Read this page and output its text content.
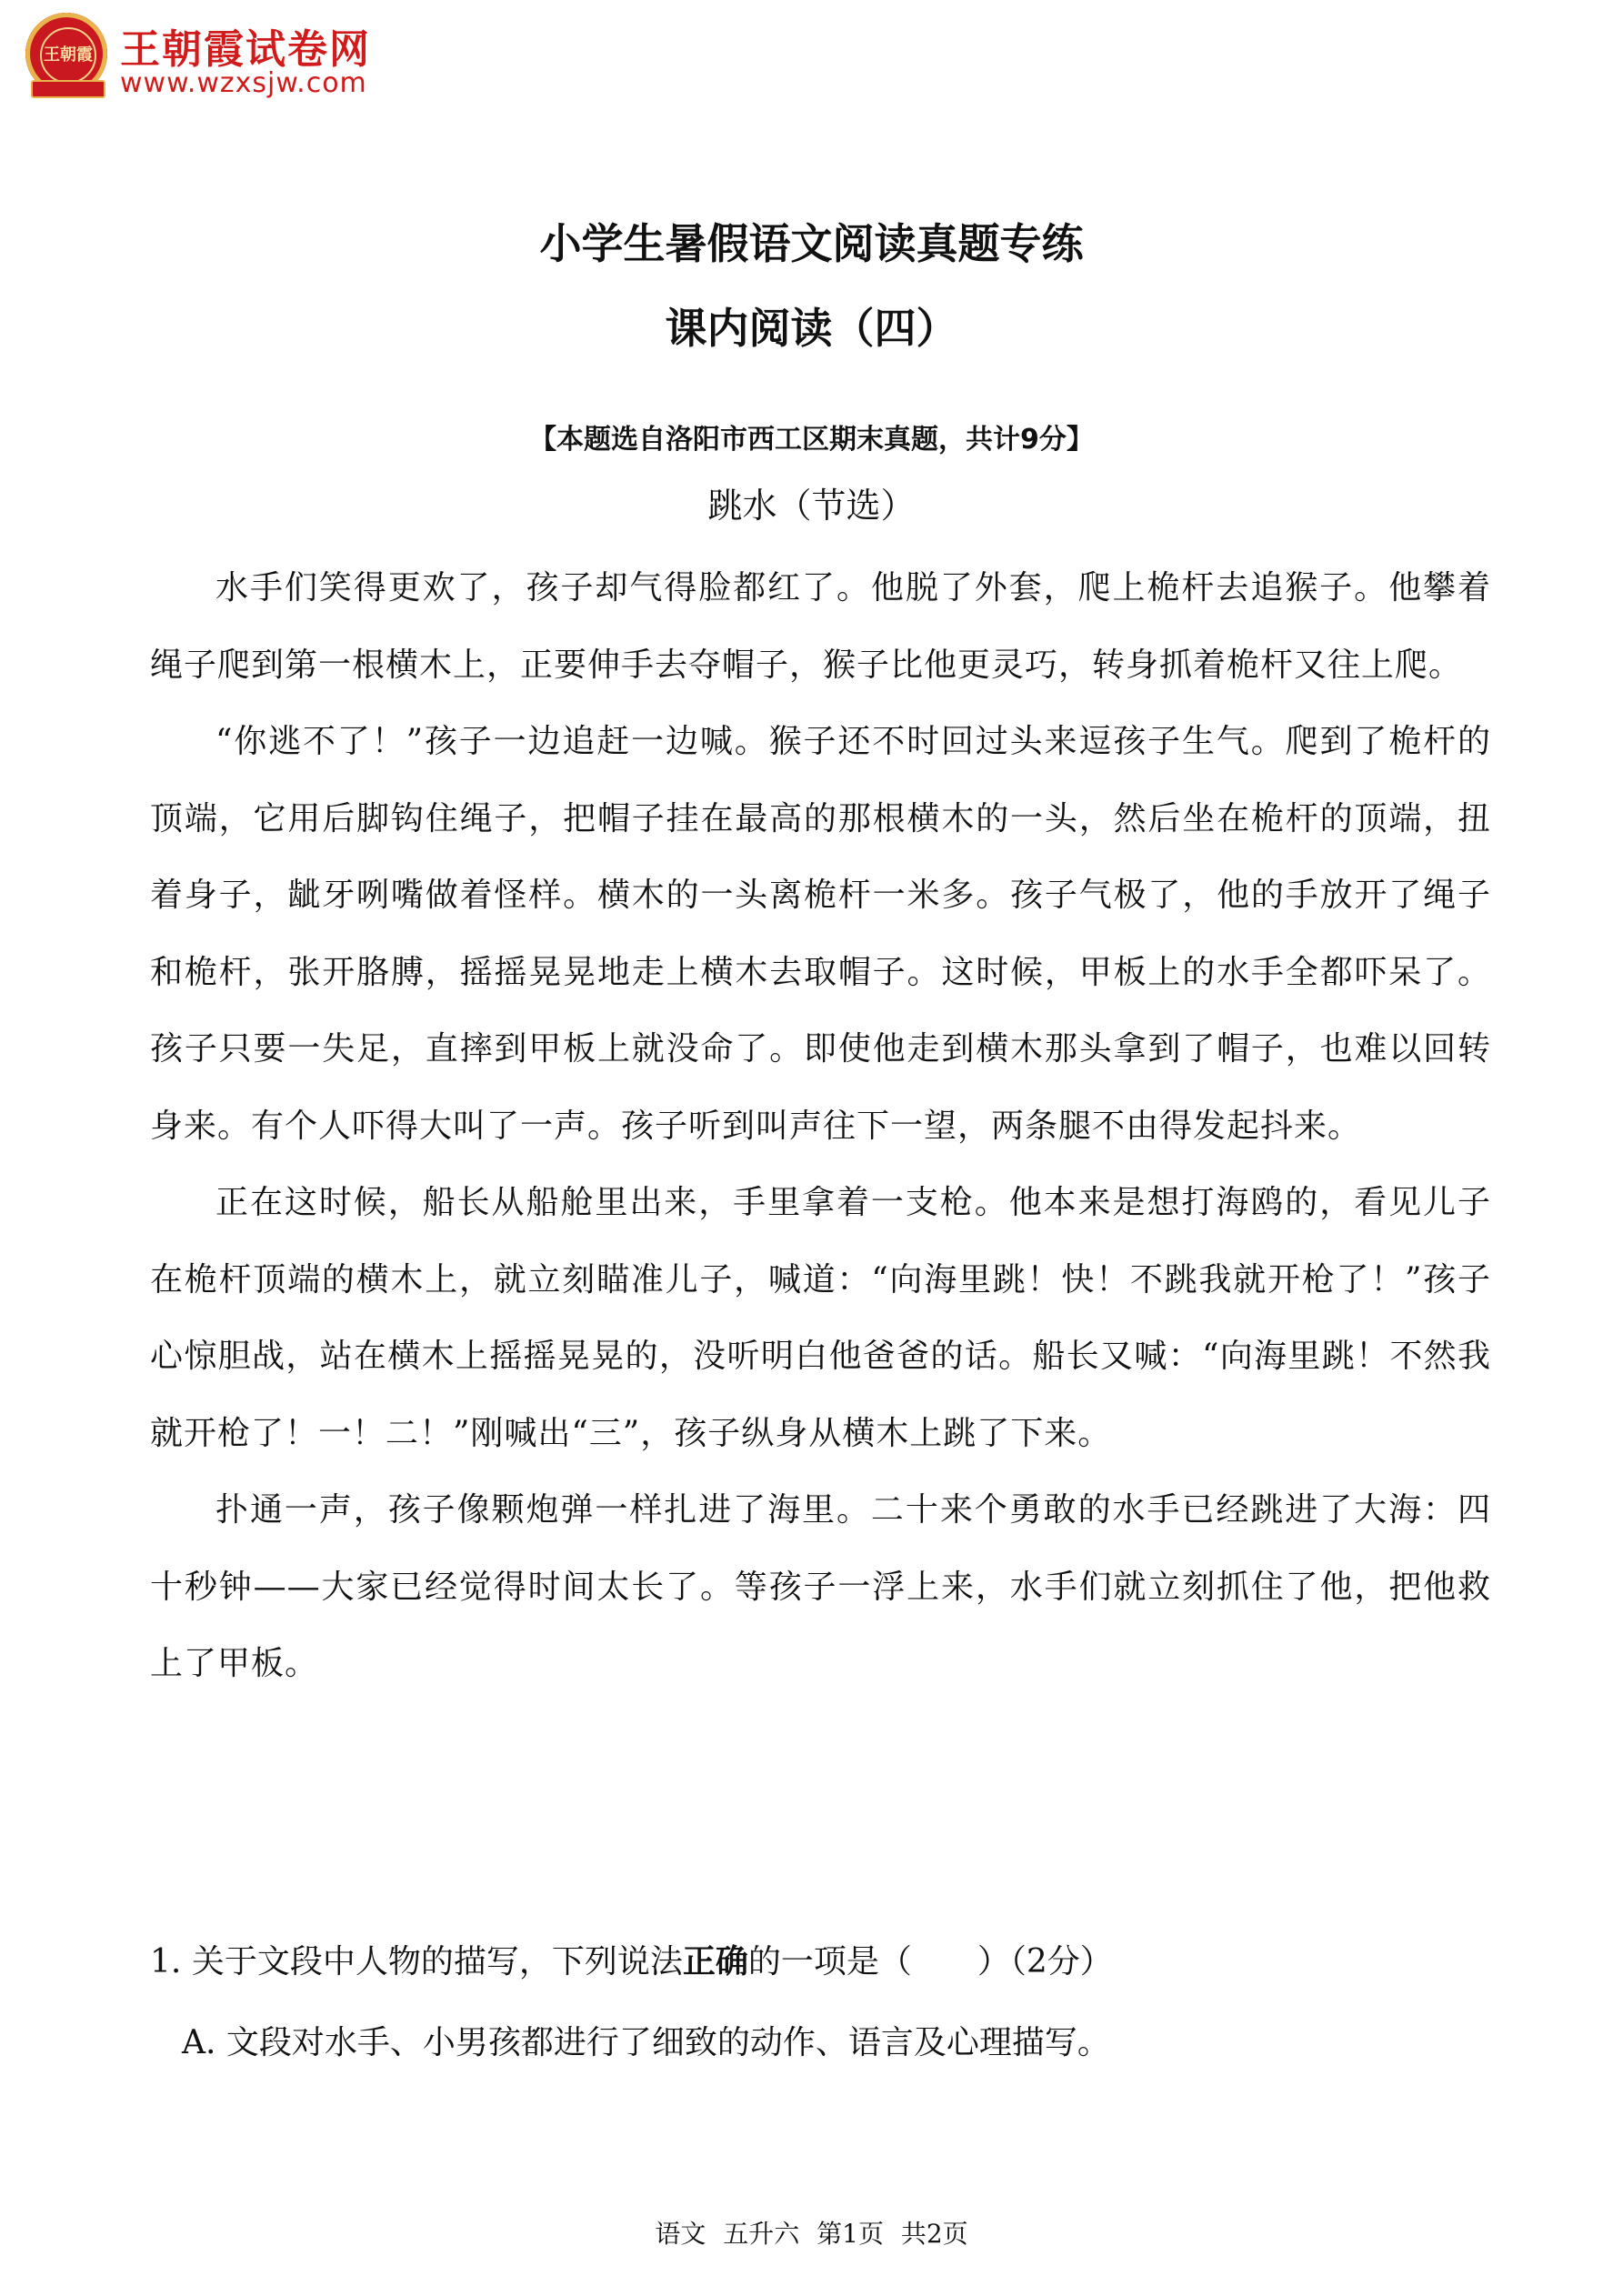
王朝霞 王朝霞试卷网
www.wzxsjw.com
小学生暑假语文阅读真题专练
课内阅读（四）
【本题选自洛阳市西工区期末真题，共计9分】
跳水（节选）

水手们笑得更欢了，孩子却气得脸都红了。他脱了外套，爬上桅杆去追猴子。他攀着绳子爬到第一根横木上，正要伸手去夺帽子，猴子比他更灵巧，转身抓着桅杆又往上爬。

“你逃不了！”孩子一边追赶一边喊。猴子还不时回过头来逗孩子生气。爬到了桅杆的顶端，它用后脚钩住绳子，把帽子挂在最高的那根横木的一头，然后坐在桅杆的顶端，扭着身子，龇牙咧嘴做着怪样。横木的一头离桅杆一米多。孩子气极了，他的手放开了绳子和桅杆，张开胳膊，摇摇晃晃地走上横木去取帽子。这时候，甲板上的水手全都吓呆了。孩子只要一失足，直摔到甲板上就没命了。即使他走到横木那头拿到了帽子，也难以回转身来。有个人吓得大叫了一声。孩子听到叫声往下一望，两条腿不由得发起抖来。

正在这时候，船长从船舱里出来，手里拿着一支枪。他本来是想打海鸥的，看见儿子在桅杆顶端的横木上，就立刻瞄准儿子，喊道：“向海里跳！快！不跳我就开枪了！”孩子心惊胆战，站在横木上摇摇晃晃的，没听明白他爸爸的话。船长又喊：“向海里跳！不然我就开枪了！一！二！”刚喊出“三”，孩子纵身从横木上跳了下来。

扑通一声，孩子像颗炮弹一样扎进了海里。二十来个勇敢的水手已经跳进了大海：四十秒钟——大家已经觉得时间太长了。等孩子一浮上来，水手们就立刻抓住了他，把他救上了甲板。

1. 关于文段中人物的描写，下列说法正确的一项是（　　）（2分）
A. 文段对水手、小男孩都进行了细致的动作、语言及心理描写。
语文 五升六 第1页 共2页
